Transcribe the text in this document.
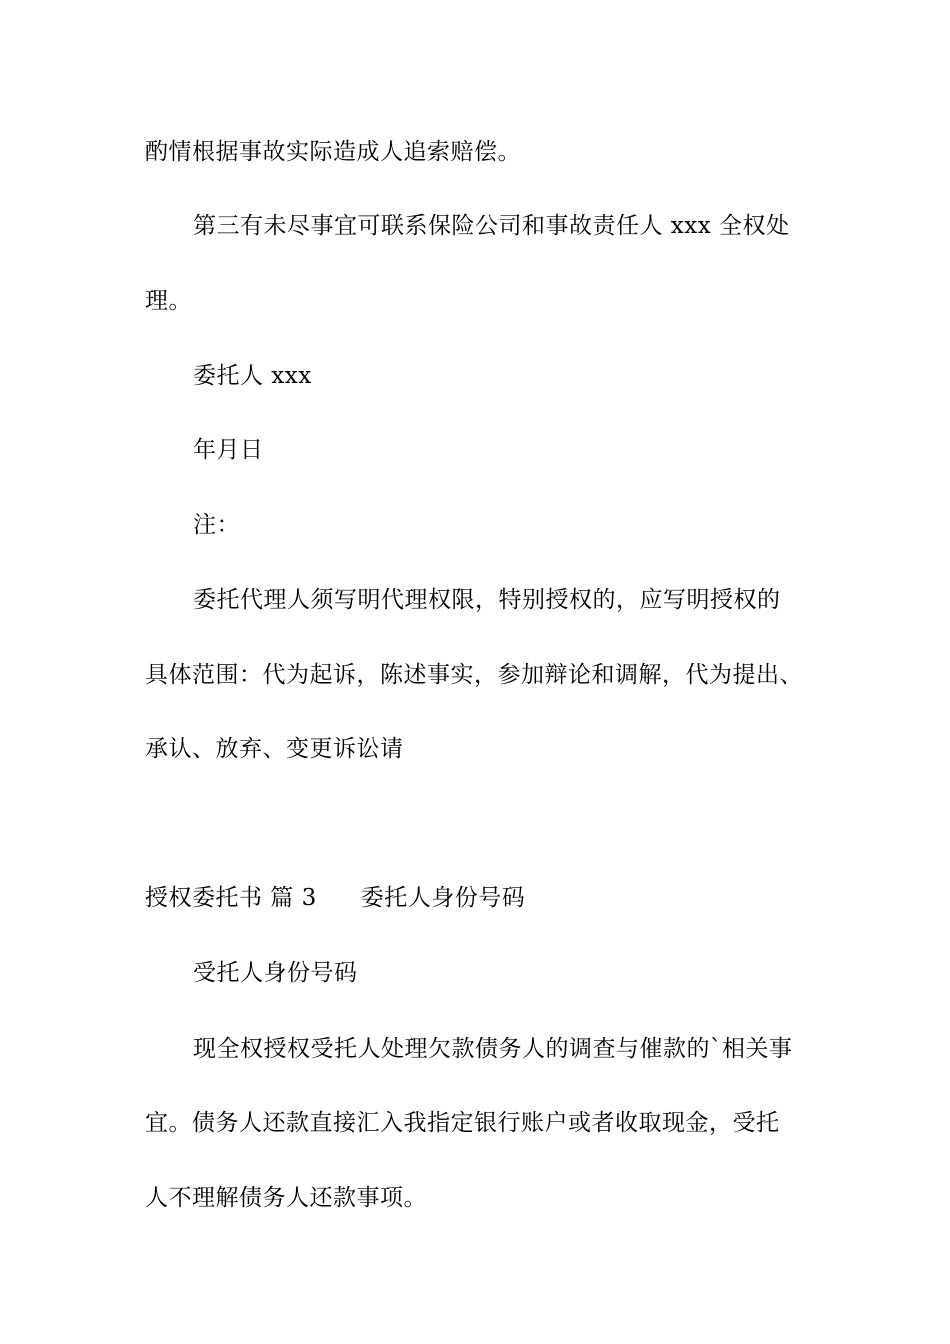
酌情根据事故实际造成人追索赔偿。
第三有未尽事宜可联系保险公司和事故责任人 xxx 全权处
理。
委托人 xxx
年月日
注：
委托代理人须写明代理权限，特别授权的，应写明授权的
具体范围：代为起诉，陈述事实，参加辩论和调解，代为提出、
承认、放弃、变更诉讼请
授权委托书 篇 3 委托人身份号码
受托人身份号码
现全权授权受托人处理欠款债务人的调查与催款的`相关事
宜。债务人还款直接汇入我指定银行账户或者收取现金，受托
人不理解债务人还款事项。
